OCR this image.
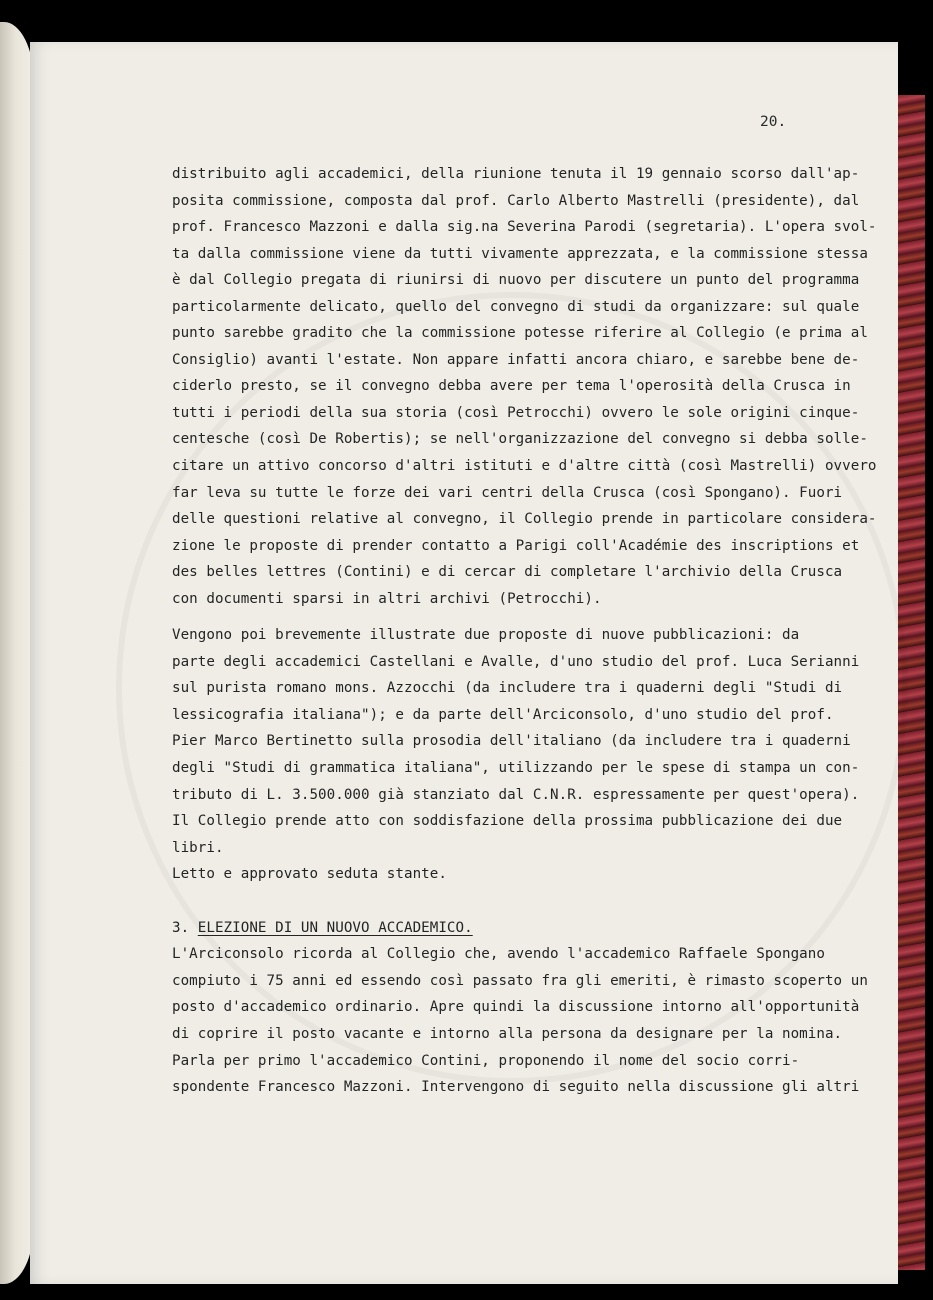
20.

distribuito agli accademici, della riunione tenuta il 19 gennaio scorso dall'ap-
posita commissione, composta dal prof. Carlo Alberto Mastrelli (presidente), dal
prof. Francesco Mazzoni e dalla sig.na Severina Parodi (segretaria). L'opera svol-
ta dalla commissione viene da tutti vivamente apprezzata, e la commissione stessa
è dal Collegio pregata di riunirsi di nuovo per discutere un punto del programma
particolarmente delicato, quello del convegno di studi da organizzare: sul quale
punto sarebbe gradito che la commissione potesse riferire al Collegio (e prima al
Consiglio) avanti l'estate. Non appare infatti ancora chiaro, e sarebbe bene de-
ciderlo presto, se il convegno debba avere per tema l'operosità della Crusca in
tutti i periodi della sua storia (così Petrocchi) ovvero le sole origini cinque-
centesche (così De Robertis); se nell'organizzazione del convegno si debba solle-
citare un attivo concorso d'altri istituti e d'altre città (così Mastrelli) ovvero
far leva su tutte le forze dei vari centri della Crusca (così Spongano). Fuori
delle questioni relative al convegno, il Collegio prende in particolare considera-
zione le proposte di prender contatto a Parigi coll'Académie des inscriptions et
des belles lettres (Contini) e di cercar di completare l'archivio della Crusca
con documenti sparsi in altri archivi (Petrocchi).
Vengono poi brevemente illustrate due proposte di nuove pubblicazioni: da
parte degli accademici Castellani e Avalle, d'uno studio del prof. Luca Serianni
sul purista romano mons. Azzocchi (da includere tra i quaderni degli "Studi di
lessicografia italiana"); e da parte dell'Arciconsolo, d'uno studio del prof.
Pier Marco Bertinetto sulla prosodia dell'italiano (da includere tra i quaderni
degli "Studi di grammatica italiana", utilizzando per le spese di stampa un con-
tributo di L. 3.500.000 già stanziato dal C.N.R. espressamente per quest'opera).
Il Collegio prende atto con soddisfazione della prossima pubblicazione dei due
libri.
Letto e approvato seduta stante.
3. ELEZIONE DI UN NUOVO ACCADEMICO.
L'Arciconsolo ricorda al Collegio che, avendo l'accademico Raffaele Spongano
compiuto i 75 anni ed essendo così passato fra gli emeriti, è rimasto scoperto un
posto d'accademico ordinario. Apre quindi la discussione intorno all'opportunità
di coprire il posto vacante e intorno alla persona da designare per la nomina.
Parla per primo l'accademico Contini, proponendo il nome del socio corri-
spondente Francesco Mazzoni. Intervengono di seguito nella discussione gli altri
